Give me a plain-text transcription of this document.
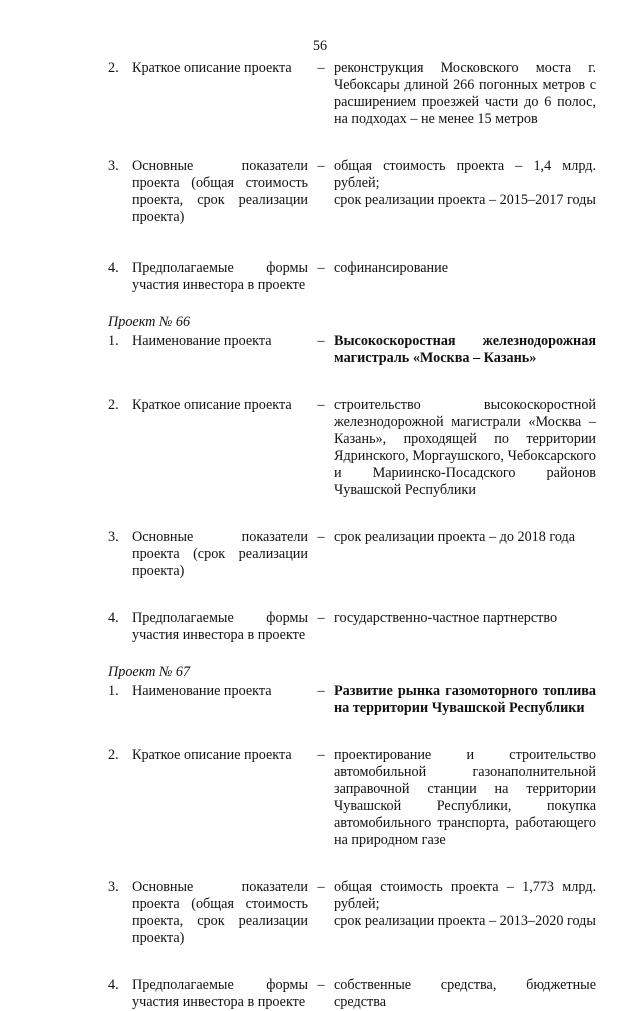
56
2. Краткое описание проекта	– реконструкция Московского моста г. Чебоксары длиной 266 погонных метров с расширением проезжей части до 6 полос, на подходах – не менее 15 метров

3. Основные показатели проекта (общая стоимость проекта, срок реализации проекта)
– общая стоимость проекта – 1,4 млрд. рублей;

срок реализации проекта – 2015–2017 годы

4. Предполагаемые формы участия инвестора в проекте
– софинансирование

Проект № 66
1. Наименование проекта	– Высокоскоростная железнодорожная магистраль «Москва – Казань»

2. Краткое описание проекта	– строительство высокоскоростной железнодорожной магистрали «Москва – Казань», проходящей по территории Ядринского, Моргаушского, Чебоксарского и Мариинско-Посадского районов Чувашской Республики

3. Основные показатели проекта (срок реализации проекта)
– срок реализации проекта – до 2018 года

4. Предполагаемые формы участия инвестора в проекте
– государственно-частное партнерство

Проект № 67
1. Наименование проекта	– Развитие рынка газомоторного топлива на территории Чувашской Республики

2. Краткое описание проекта	– проектирование и строительство автомобильной газонаполнительной заправочной станции на территории Чувашской Республики, покупка автомобильного транспорта, работающего на природном газе

3. Основные показатели проекта (общая стоимость проекта, срок реализации проекта)
– общая стоимость проекта – 1,773 млрд. рублей;

срок реализации проекта – 2013–2020 годы

4. Предполагаемые формы участия инвестора в проекте
– собственные средства, бюджетные средства
